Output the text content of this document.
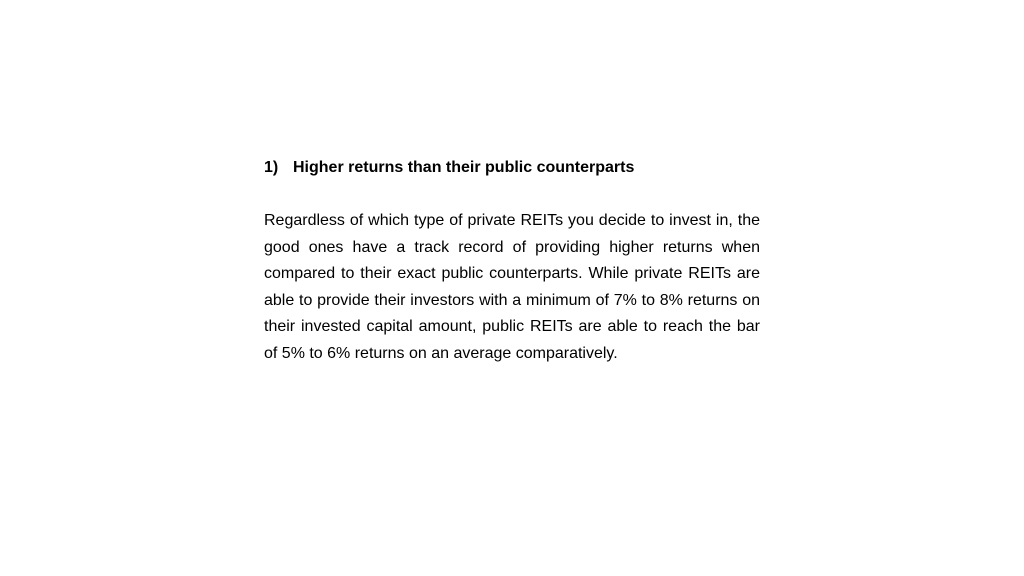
1) Higher returns than their public counterparts

Regardless of which type of private REITs you decide to invest in, the good ones have a track record of providing higher returns when compared to their exact public counterparts. While private REITs are able to provide their investors with a minimum of 7% to 8% returns on their invested capital amount, public REITs are able to reach the bar of 5% to 6% returns on an average comparatively.
